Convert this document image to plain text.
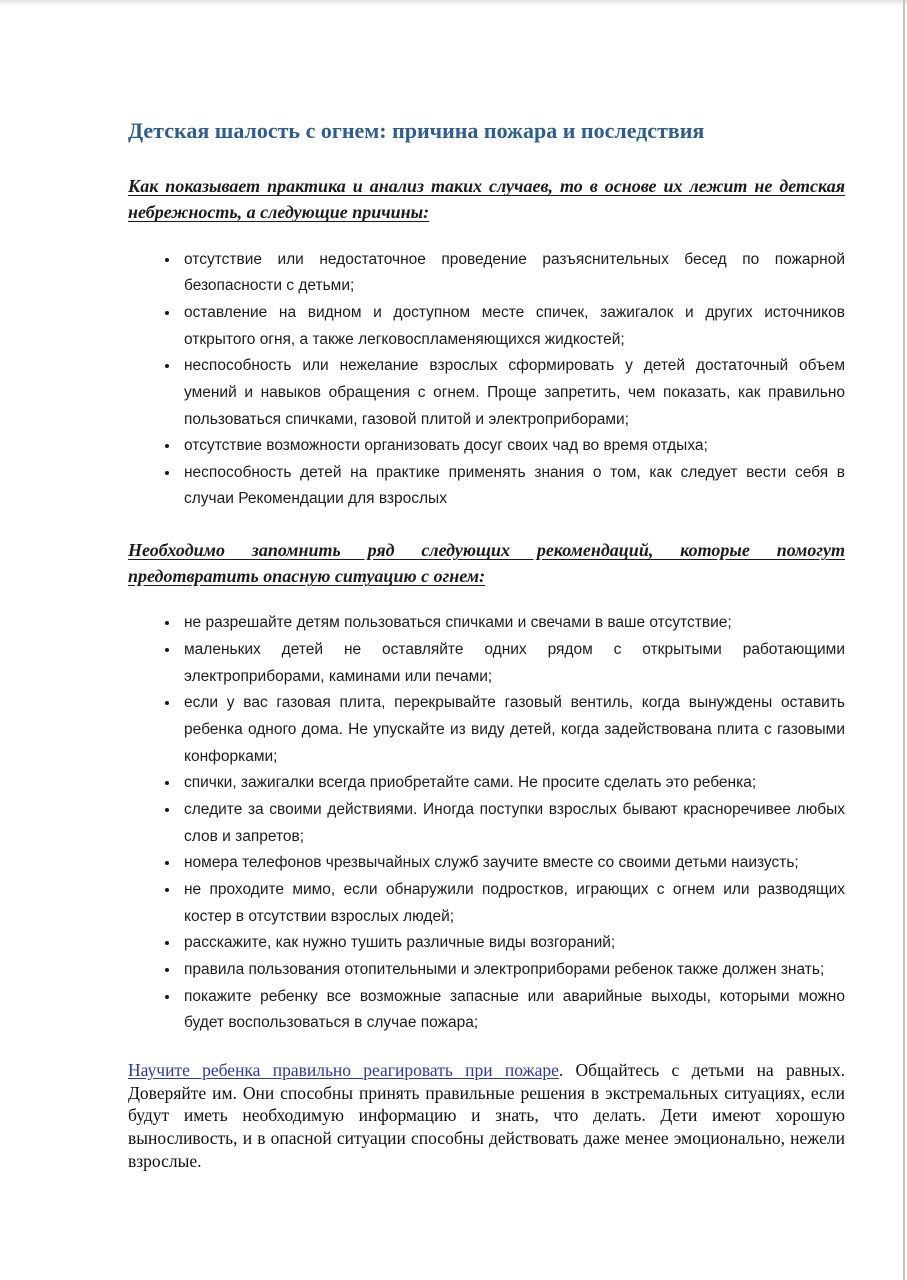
Детская шалость с огнем: причина пожара и последствия

Как показывает практика и анализ таких случаев, то в основе их лежит не детская небрежность, а следующие причины:

• отсутствие или недостаточное проведение разъяснительных бесед по пожарной безопасности с детьми;
• оставление на видном и доступном месте спичек, зажигалок и других источников открытого огня, а также легковоспламеняющихся жидкостей;
• неспособность или нежелание взрослых сформировать у детей достаточный объем умений и навыков обращения с огнем. Проще запретить, чем показать, как правильно пользоваться спичками, газовой плитой и электроприборами;
• отсутствие возможности организовать досуг своих чад во время отдыха;
• неспособность детей на практике применять знания о том, как следует вести себя в случаи Рекомендации для взрослых

Необходимо запомнить ряд следующих рекомендаций, которые помогут предотвратить опасную ситуацию с огнем:

• не разрешайте детям пользоваться спичками и свечами в ваше отсутствие;
• маленьких детей не оставляйте одних рядом с открытыми работающими электроприборами, каминами или печами;
• если у вас газовая плита, перекрывайте газовый вентиль, когда вынуждены оставить ребенка одного дома. Не упускайте из виду детей, когда задействована плита с газовыми конфорками;
• спички, зажигалки всегда приобретайте сами. Не просите сделать это ребенка;
• следите за своими действиями. Иногда поступки взрослых бывают красноречивее любых слов и запретов;
• номера телефонов чрезвычайных служб заучите вместе со своими детьми наизусть;
• не проходите мимо, если обнаружили подростков, играющих с огнем или разводящих костер в отсутствии взрослых людей;
• расскажите, как нужно тушить различные виды возгораний;
• правила пользования отопительными и электроприборами ребенок также должен знать;
• покажите ребенку все возможные запасные или аварийные выходы, которыми можно будет воспользоваться в случае пожара;

Научите ребенка правильно реагировать при пожаре. Общайтесь с детьми на равных. Доверяйте им. Они способны принять правильные решения в экстремальных ситуациях, если будут иметь необходимую информацию и знать, что делать. Дети имеют хорошую выносливость, и в опасной ситуации способны действовать даже менее эмоционально, нежели взрослые.
